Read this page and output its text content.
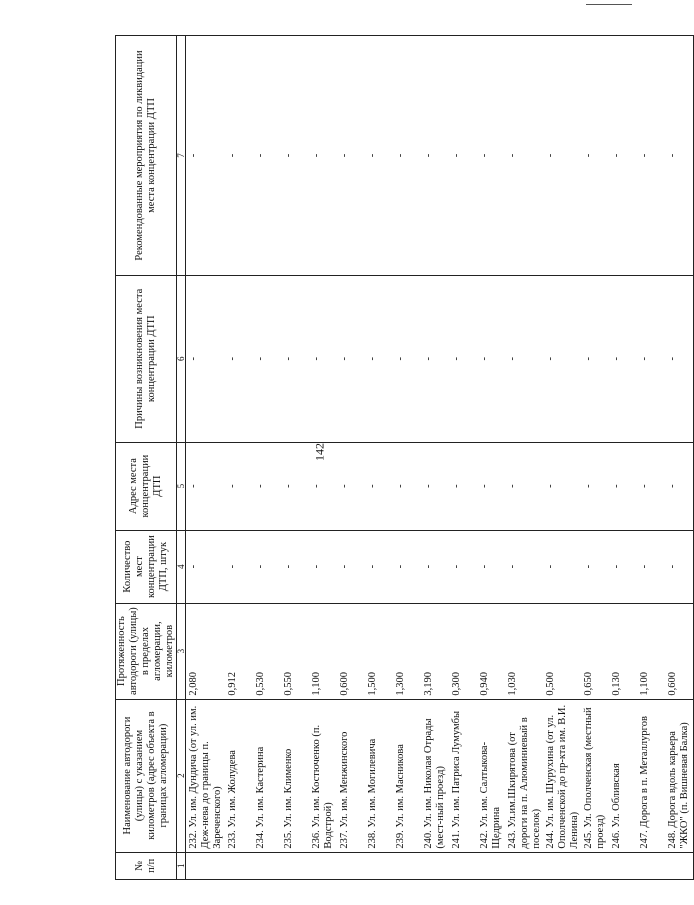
142
№ п/п	Наименование автодороги (улицы) с указанием километров (адрес объекта в границах агломерации)	Протяженность автодороги (улицы) в пределах агломерации, километров	Количество мест концентрации ДТП, штук	Адрес места концентрации ДТП	Причины возникновения места концентрации ДТП	Рекомендованные мероприятия по ликвидации места концентрации ДТП
1	2	3	4	5	6	7
	232. Ул. им. Дундича (от ул. им. Деж-нева до границы п. Зареченского)	2,080	-	-	-	-
	233. Ул. им. Жолудева	0,912	-	-	-	-
	234. Ул. им. Кастерина	0,530	-	-	-	-
	235. Ул. им. Клименко	0,550	-	-	-	-
	236. Ул. им. Костюченко (п. Водстрой)	1,100	-	-	-	-
	237. Ул. им. Менжинского	0,600	-	-	-	-
	238. Ул. им. Могилевича	1,500	-	-	-	-
	239. Ул. им. Масникова	1,300	-	-	-	-
	240. Ул. им. Николая Отрады (мест-ный проезд)	3,190	-	-	-	-
	241. Ул. им. Патриса Лумумбы	0,300	-	-	-	-
	242. Ул. им. Салтыкова-Щедрина	0,940	-	-	-	-
	243. Ул.им.Шкирятова (от дороги на п. Алюминиевый в поселок)	1,030	-	-	-	-
	244. Ул. им. Шурухина (от ул. Ополченской до пр-кта им. В.И. Ленина)	0,500	-	-	-	-
	245. Ул. Ополченская (местный проезд)	0,650	-	-	-	-
	246. Ул. Обливская	0,130	-	-	-	-
	247. Дорога в п. Металлургов	1,100	-	-	-	-
	248. Дорога вдоль карьера "ЖКО" (п. Вишневая Балка)	0,600	-	-	-	-
